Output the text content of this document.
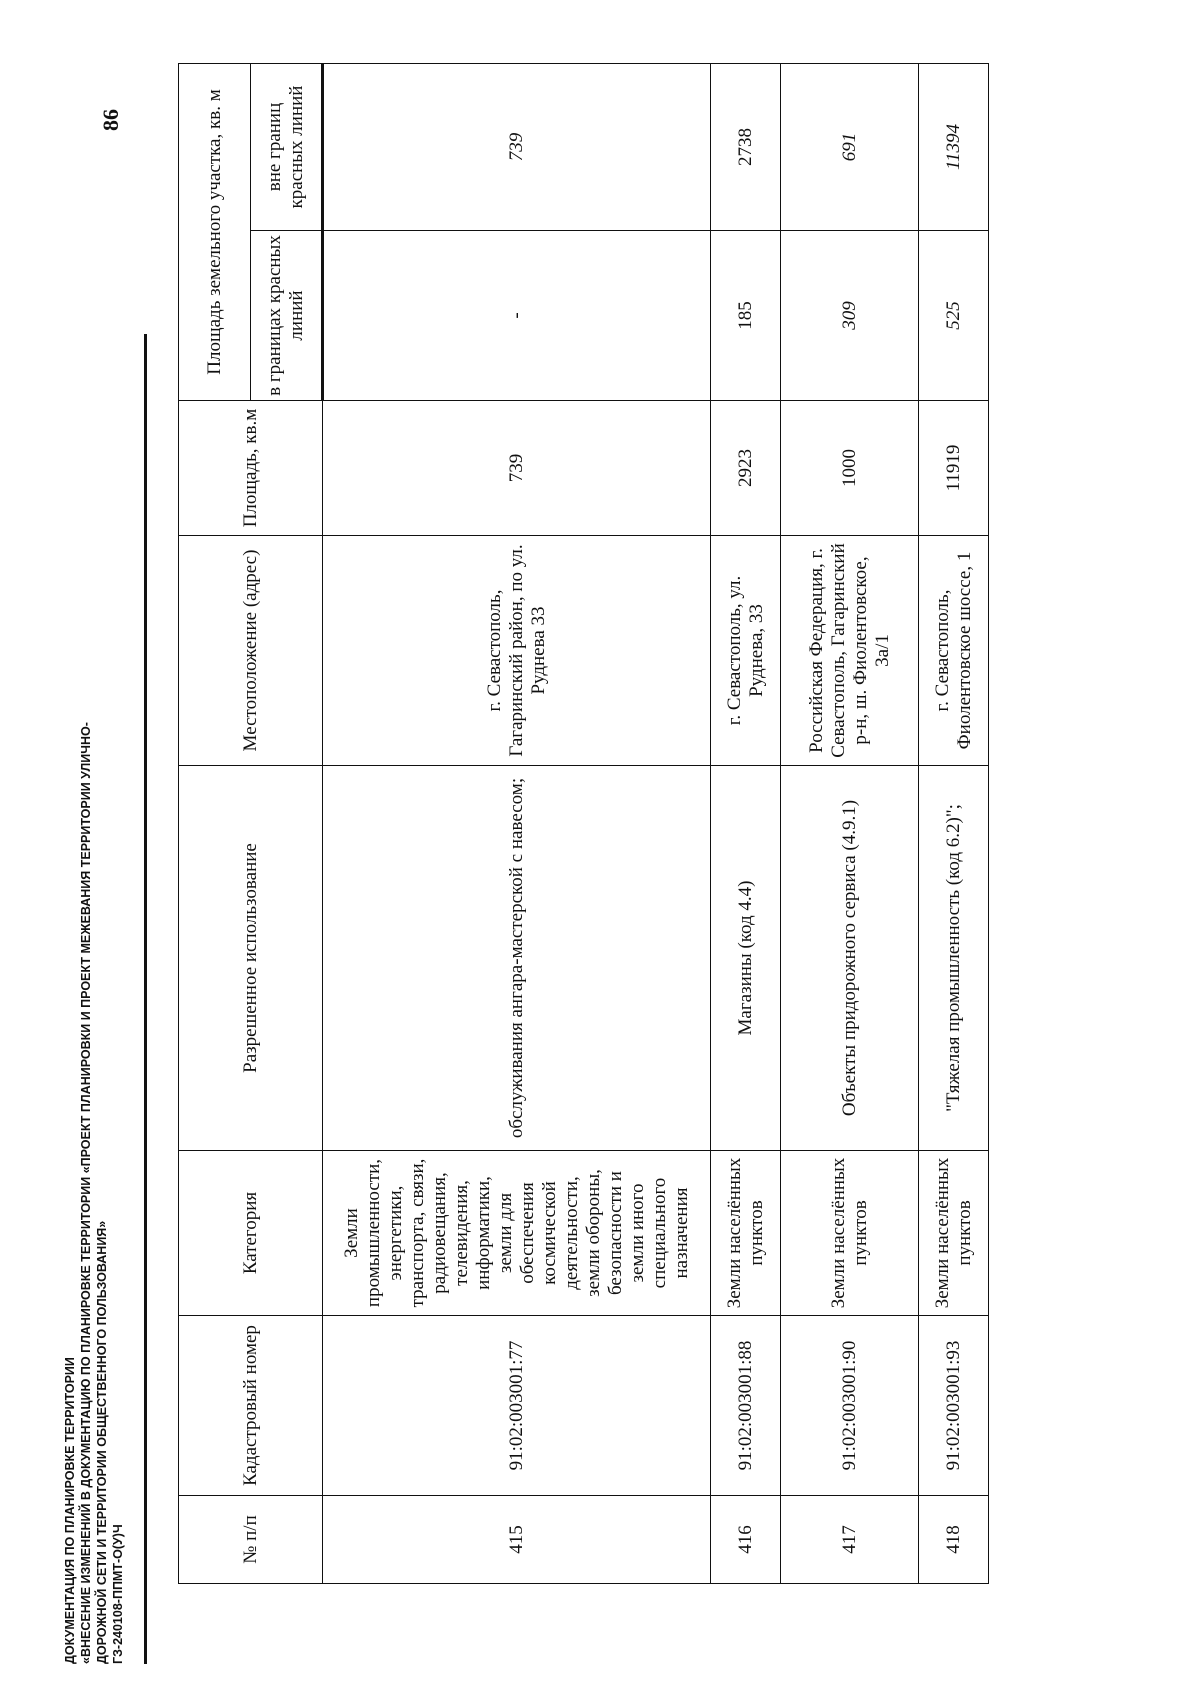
86
ДОКУМЕНТАЦИЯ ПО ПЛАНИРОВКЕ ТЕРРИТОРИИ «ВНЕСЕНИЕ ИЗМЕНЕНИЙ В ДОКУМЕНТАЦИЮ ПО ПЛАНИРОВКЕ ТЕРРИТОРИИ «ПРОЕКТ ПЛАНИРОВКИ И ПРОЕКТ МЕЖЕВАНИЯ ТЕРРИТОРИИ УЛИЧНО- ДОРОЖНОЙ СЕТИ И ТЕРРИТОРИИ ОБЩЕСТВЕННОГО ПОЛЬЗОВАНИЯ» ГЗ-240108-ППМТ-О(У)Ч	№ п/п	Кадастровый номер	Категория	Разрешенное использование	Местоположение (адрес)	Площадь, кв.м	Площадь земельного участка, кв. м	
						в границах красных линий	вне границ красных линий
415	91:02:003001:77	Земли промышленности, энергетики, транспорта, связи, радиовещания, телевидения, информатики, земли для обеспечения космической деятельности, земли обороны, безопасности и земли иного специального назначения	обслуживания ангара-мастерской с навесом;	г. Севастополь, Гагаринский район, по ул. Руднева 33	739	-	739
416	91:02:003001:88	Земли населённых пунктов	Магазины (код 4.4)	г. Севастополь, ул. Руднева, 33	2923	185	2738
417	91:02:003001:90	Земли населённых пунктов	Объекты придорожного сервиса (4.9.1)	Российская Федерация, г. Севастополь, Гагаринский р-н, ш. Фиолентовское, 3а/1	1000	309	691
418	91:02:003001:93	Земли населённых пунктов	"Тяжелая промышленность (код 6.2)";	г. Севастополь, Фиолентовское шоссе, 1	11919	525	11394
